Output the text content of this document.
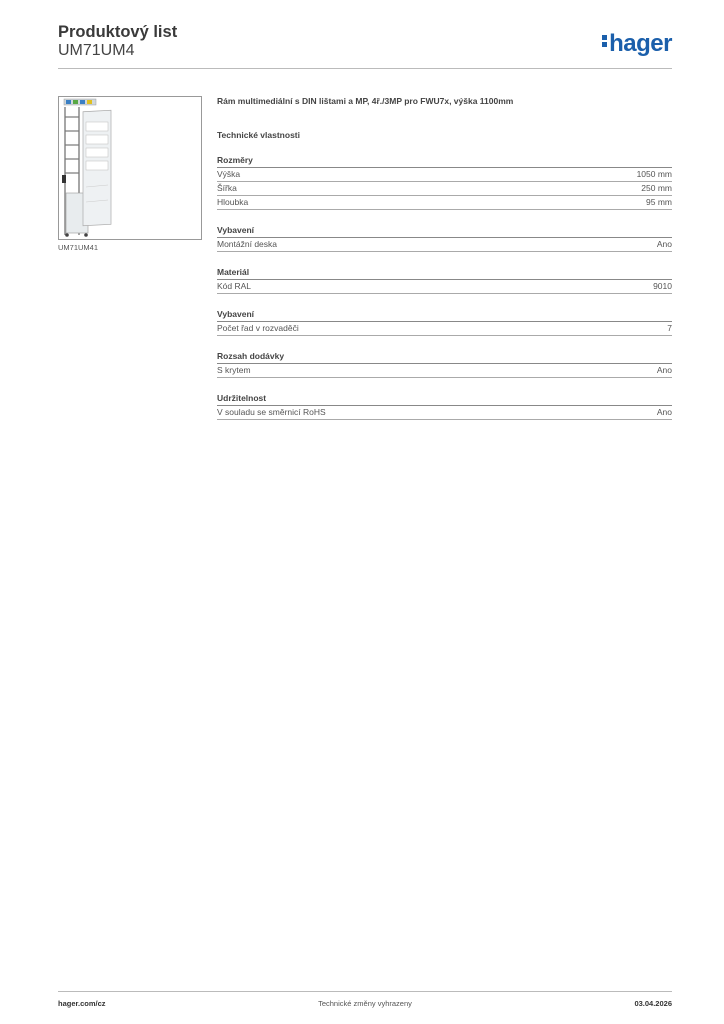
Produktový list
UM71UM4	hager
UM71UM41
Rám multimediální s DIN lištami a MP, 4ř./3MP pro FWU7x, výška 1100mm
Technické vlastnosti
Rozměry
Výška	1050 mm
Šířka	250 mm
Hloubka	95 mm
Vybavení
Montážní deska	Ano
Materiál
Kód RAL	9010
Vybavení
Počet řad v rozvaděči	7
Rozsah dodávky
S krytem	Ano
Udržitelnost
V souladu se směrnicí RoHS	Ano
hager.com/cz	Technické změny vyhrazeny	03.04.2026
